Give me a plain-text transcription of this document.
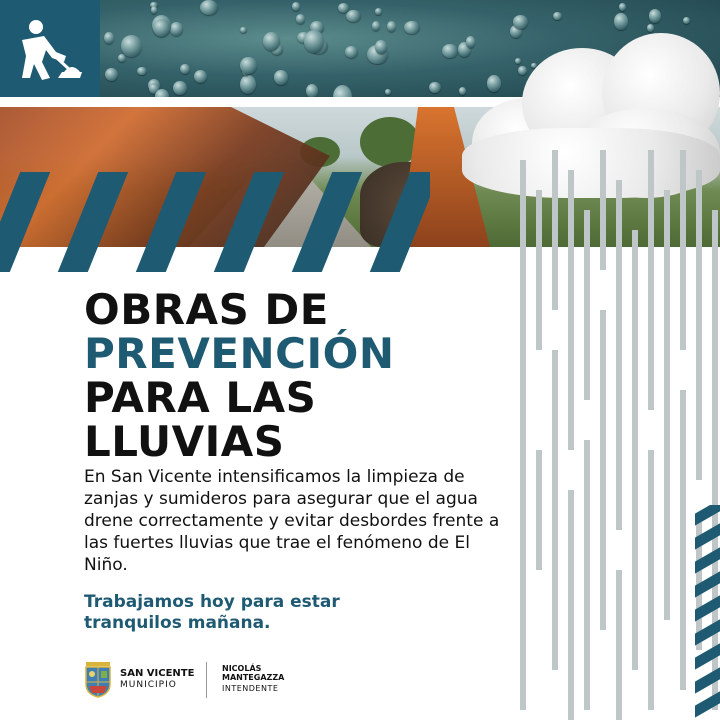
OBRAS DE
PREVENCIÓN
PARA LAS
LLUVIAS

En San Vicente intensificamos la limpieza de zanjas y sumideros para asegurar que el agua drene correctamente y evitar desbordes frente a las fuertes lluvias que trae el fenómeno de El Niño.

Trabajamos hoy para estar tranquilos mañana.

SAN VICENTE
MUNICIPIO
NICOLÁS
MANTEGAZZA
INTENDENTE
